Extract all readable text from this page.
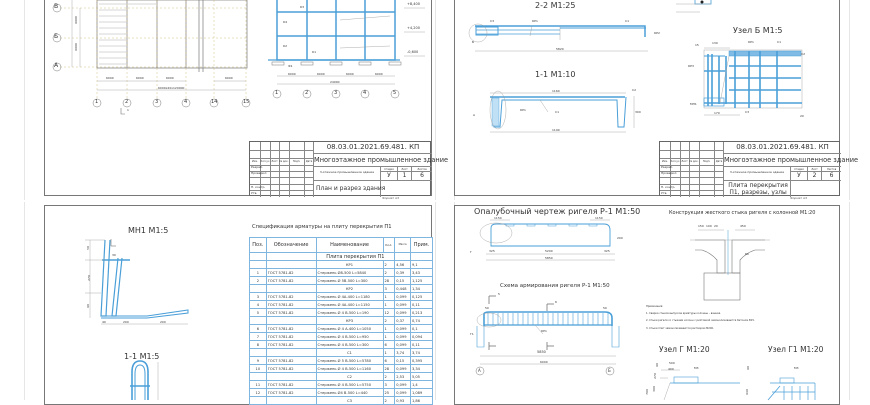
В
Б
А
1	2	3	4	14	15
6000	6000	6000	6000
6000х20х120000
6000
6000
1
+8,400
+4,200
-0,600
К3
К4
К2
К1
Ф1
6000	6000	6000	6000
24000
1	2	3	4	5
Изм.	Кол.уч Лист № док.	Подп.	Дата
Разраб.
Проверил
Н. контр.
Утв.
08.03.01.2021.69.481. КП
Многоэтажное промышленное здание
3-этажное промышленное здание
Стадия	Лист	Листов
У	1	6
План и разрез здания
Формат А3
2-2 М1:25
С3	КР1	С1
КР2
Б
5820
1-1 М1:10
КР1	С1
С2
А
1160
1190
300
Узел Б М1:5
КР1	С1
С2
КР3
МН1
С3
130
170
15
20
Изм.	Кол.уч Лист № док.	Подп.	Дата
Разраб.
Проверил
Н. контр.
Утв.
08.03.01.2021.69.481. КП
Многоэтажное промышленное здание
3-этажное промышленное здание
Стадия	Лист	Листов
У	2	6
Плита перекрытия П1, разрезы, узлы
Формат А3
МН1 М1:5
50
30
270
60
40	200	200
1-1 М1:5
Спецификация арматуры на плиту перекрытия П1
Поз.	Обозначение	Наименование	Кол.	Масса	Прим.
		Плита перекрытия П1			
		КР1	2	4,56	9,1
1	ГОСТ 5781-82	Стержень Ø8-500 L=5840	2	0,39	3,43
2	ГОСТ 5781-82	Стержень Ø 5В-500 L=300	28	0,15	1,125
		КР2	3	0,448	1,34
3	ГОСТ 5781-82	Стержень Ø 4А-400 L=1180	1	0,099	0,125
4	ГОСТ 5781-82	Стержень Ø 4А-400 L=1150	1	0,099	0,11
5	ГОСТ 5781-82	Стержень Ø 4 В-500 L=190	12	0,099	0,213
		КР3	2	0,37	0,74
6	ГОСТ 5781-82	Стержень Ø 4 А-400 L=1050	1	0,099	0,1
7	ГОСТ 5781-82	Стержень Ø 4 В-500 L=950	1	0,099	0,094
8	ГОСТ 5781-82	Стержень Ø 4 В-500 L=300	6	0,099	0,11
		С1	1	3,74	3,74
9	ГОСТ 5781-82	Стержень Ø 5 В-500 L=5780	6	0,15	0,395
10	ГОСТ 5781-82	Стержень Ø 4 В-500 L=1160	28	0,099	3,34
		С2	2	2,53	5,05
11	ГОСТ 5781-82	Стержень Ø 4 В-500 L=5750	3	0,099	1,4
12	ГОСТ 5781-82	Стержень Ø4 В-500 L=440	25	0,099	1,089
		С3	2	0,93	1,86
Опалубочный чертеж ригеля Р-1 М1:50
1150	1150
5200
5850
325	325
200
Г
Конструкция жесткого стыка ригеля с колонной М1:20
150 100 20	450
60
Схема армирования ригеля Р-1 М1:50
КР1
Г1
5
6
50	50
5850
6000
А	Б
Примечания:
1. Сварка стыков выпусков арматуры колонны – ванная.
2. Стыки ригеля со стыками колонн с рихтовкой замоноличиваются бетоном В15.
3. Стыки плит замоноличиваются раствором М200.
Узел Г М1:20	Узел Г1 М1:20
500
400
60
270
300
700
60
640
М3	М3
